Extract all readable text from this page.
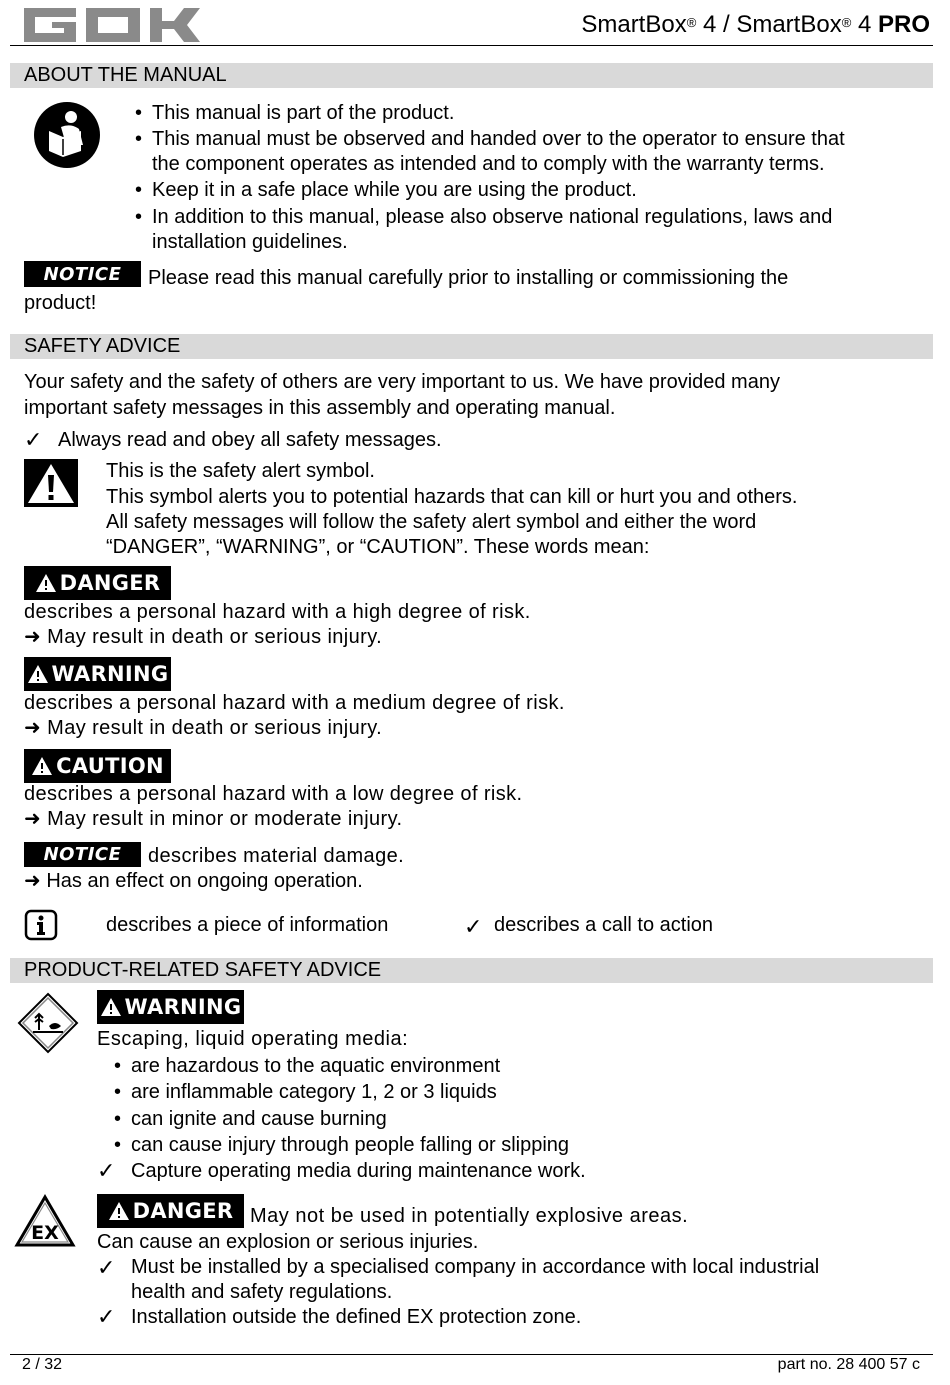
SmartBox® 4 / SmartBox® 4 PRO
ABOUT THE MANUAL
• This manual is part of the product.
• This manual must be observed and handed over to the operator to ensure that
the component operates as intended and to comply with the warranty terms.
• Keep it in a safe place while you are using the product.
• In addition to this manual, please also observe national regulations, laws and
installation guidelines.
NOTICE	Please read this manual carefully prior to installing or commissioning the
product!
SAFETY ADVICE
Your safety and the safety of others are very important to us. We have provided many
important safety messages in this assembly and operating manual.
✓ Always read and obey all safety messages.
This is the safety alert symbol.
This symbol alerts you to potential hazards that can kill or hurt you and others.
All safety messages will follow the safety alert symbol and either the word
“DANGER”, “WARNING”, or “CAUTION”. These words mean:
DANGER
describes a personal hazard with a high degree of risk.
➜ May result in death or serious injury.
WARNING
describes a personal hazard with a medium degree of risk.
➜ May result in death or serious injury.
CAUTION
describes a personal hazard with a low degree of risk.
➜ May result in minor or moderate injury.
NOTICE	describes material damage.
➜ Has an effect on ongoing operation.
describes a piece of information	✓ describes a call to action
PRODUCT-RELATED SAFETY ADVICE
WARNING
Escaping, liquid operating media:
• are hazardous to the aquatic environment
• are inflammable category 1, 2 or 3 liquids
• can ignite and cause burning
• can cause injury through people falling or slipping
✓ Capture operating media during maintenance work.
EX
DANGER May not be used in potentially explosive areas.
Can cause an explosion or serious injuries.
✓ Must be installed by a specialised company in accordance with local industrial
health and safety regulations.
✓ Installation outside the defined EX protection zone.
2 / 32	part no. 28 400 57 c
